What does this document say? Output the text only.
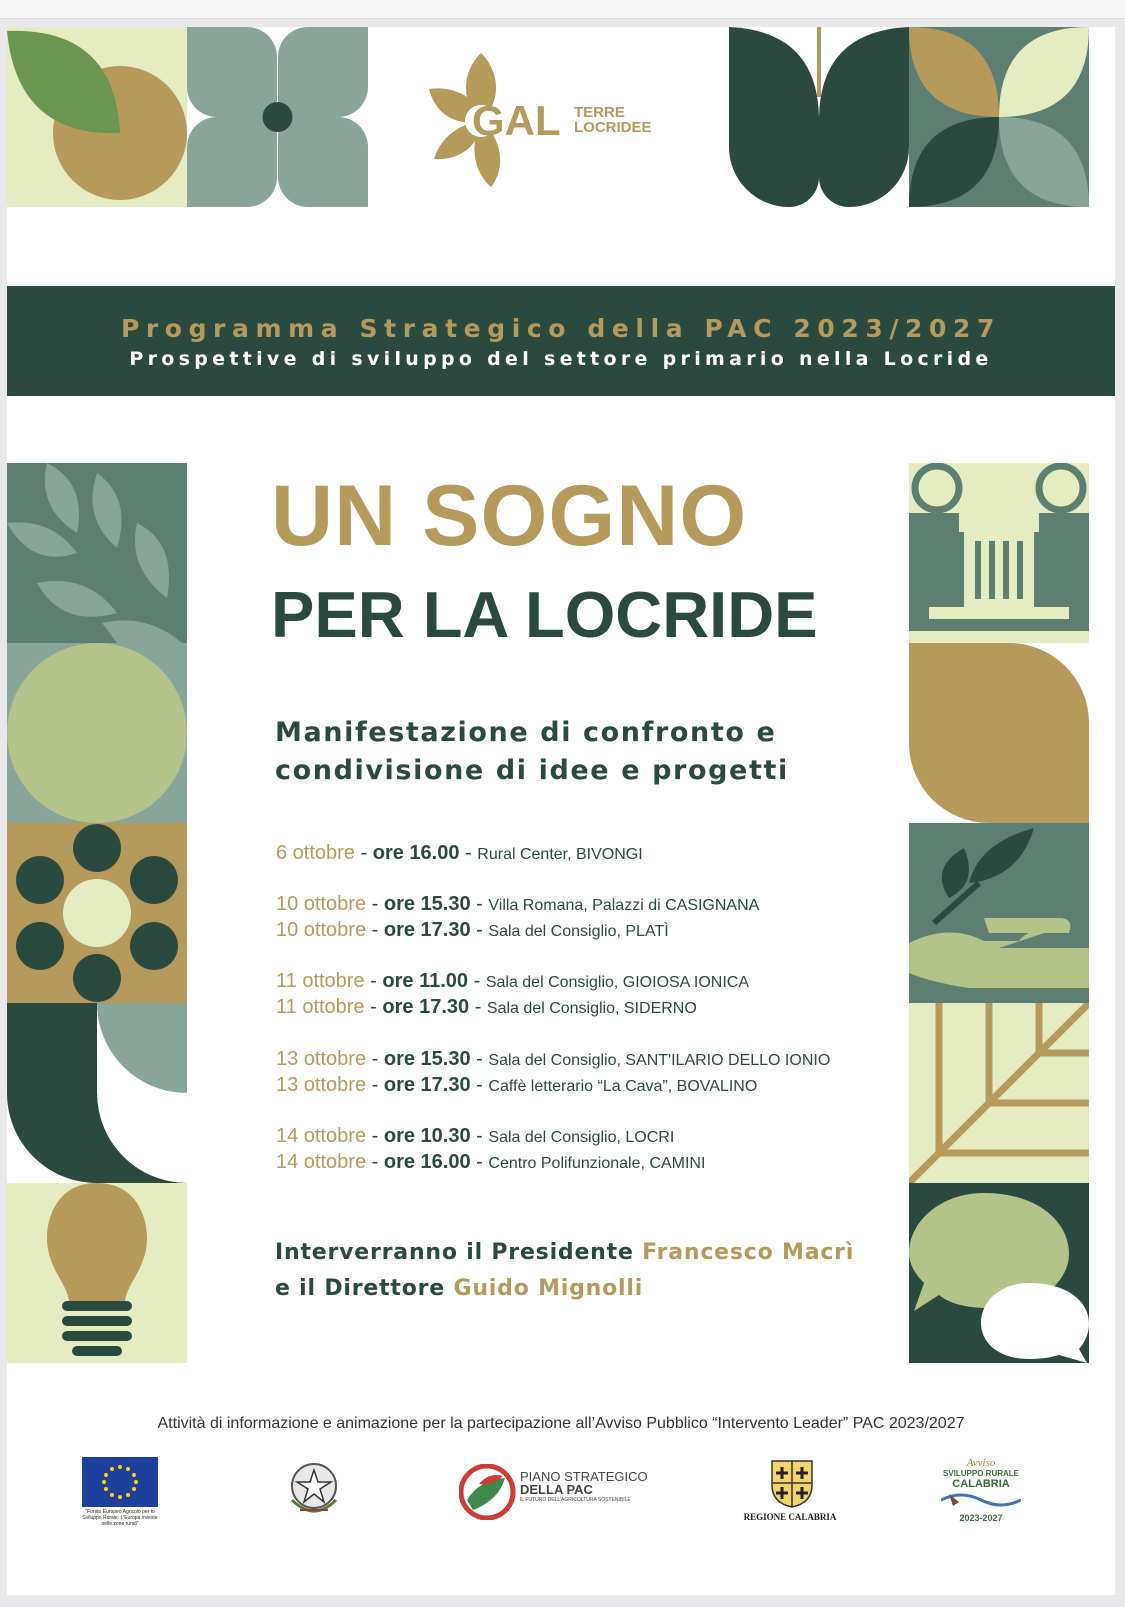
GAL TERRE
LOCRIDEE
Programma Strategico della PAC 2023/2027
Prospettive di sviluppo del settore primario nella Locride
UN SOGNO
PER LA LOCRIDE
Manifestazione di confronto e
condivisione di idee e progetti
6 ottobre - ore 16.00 - Rural Center, BIVONGI
10 ottobre - ore 15.30 - Villa Romana, Palazzi di CASIGNANA
10 ottobre - ore 17.30 - Sala del Consiglio, PLATÌ
11 ottobre - ore 11.00 - Sala del Consiglio, GIOIOSA IONICA
11 ottobre - ore 17.30 - Sala del Consiglio, SIDERNO
13 ottobre - ore 15.30 - Sala del Consiglio, SANT'ILARIO DELLO IONIO
13 ottobre - ore 17.30 - Caffè letterario “La Cava”, BOVALINO
14 ottobre - ore 10.30 - Sala del Consiglio, LOCRI
14 ottobre - ore 16.00 - Centro Polifunzionale, CAMINI
Interverranno il Presidente Francesco Macrì
e il Direttore Guido Mignolli
Attività di informazione e animazione per la partecipazione all’Avviso Pubblico “Intervento Leader” PAC 2023/2027
"Fondo Europeo Agricolo per lo Sviluppo Rurale: L'Europa investe nelle zone rurali"
PIANO STRATEGICO
DELLA PAC
IL FUTURO DELL'AGRICOLTURA SOSTENIBILE
REGIONE CALABRIA
Avviso
SVILUPPO RURALE
CALABRIA
2023-2027
